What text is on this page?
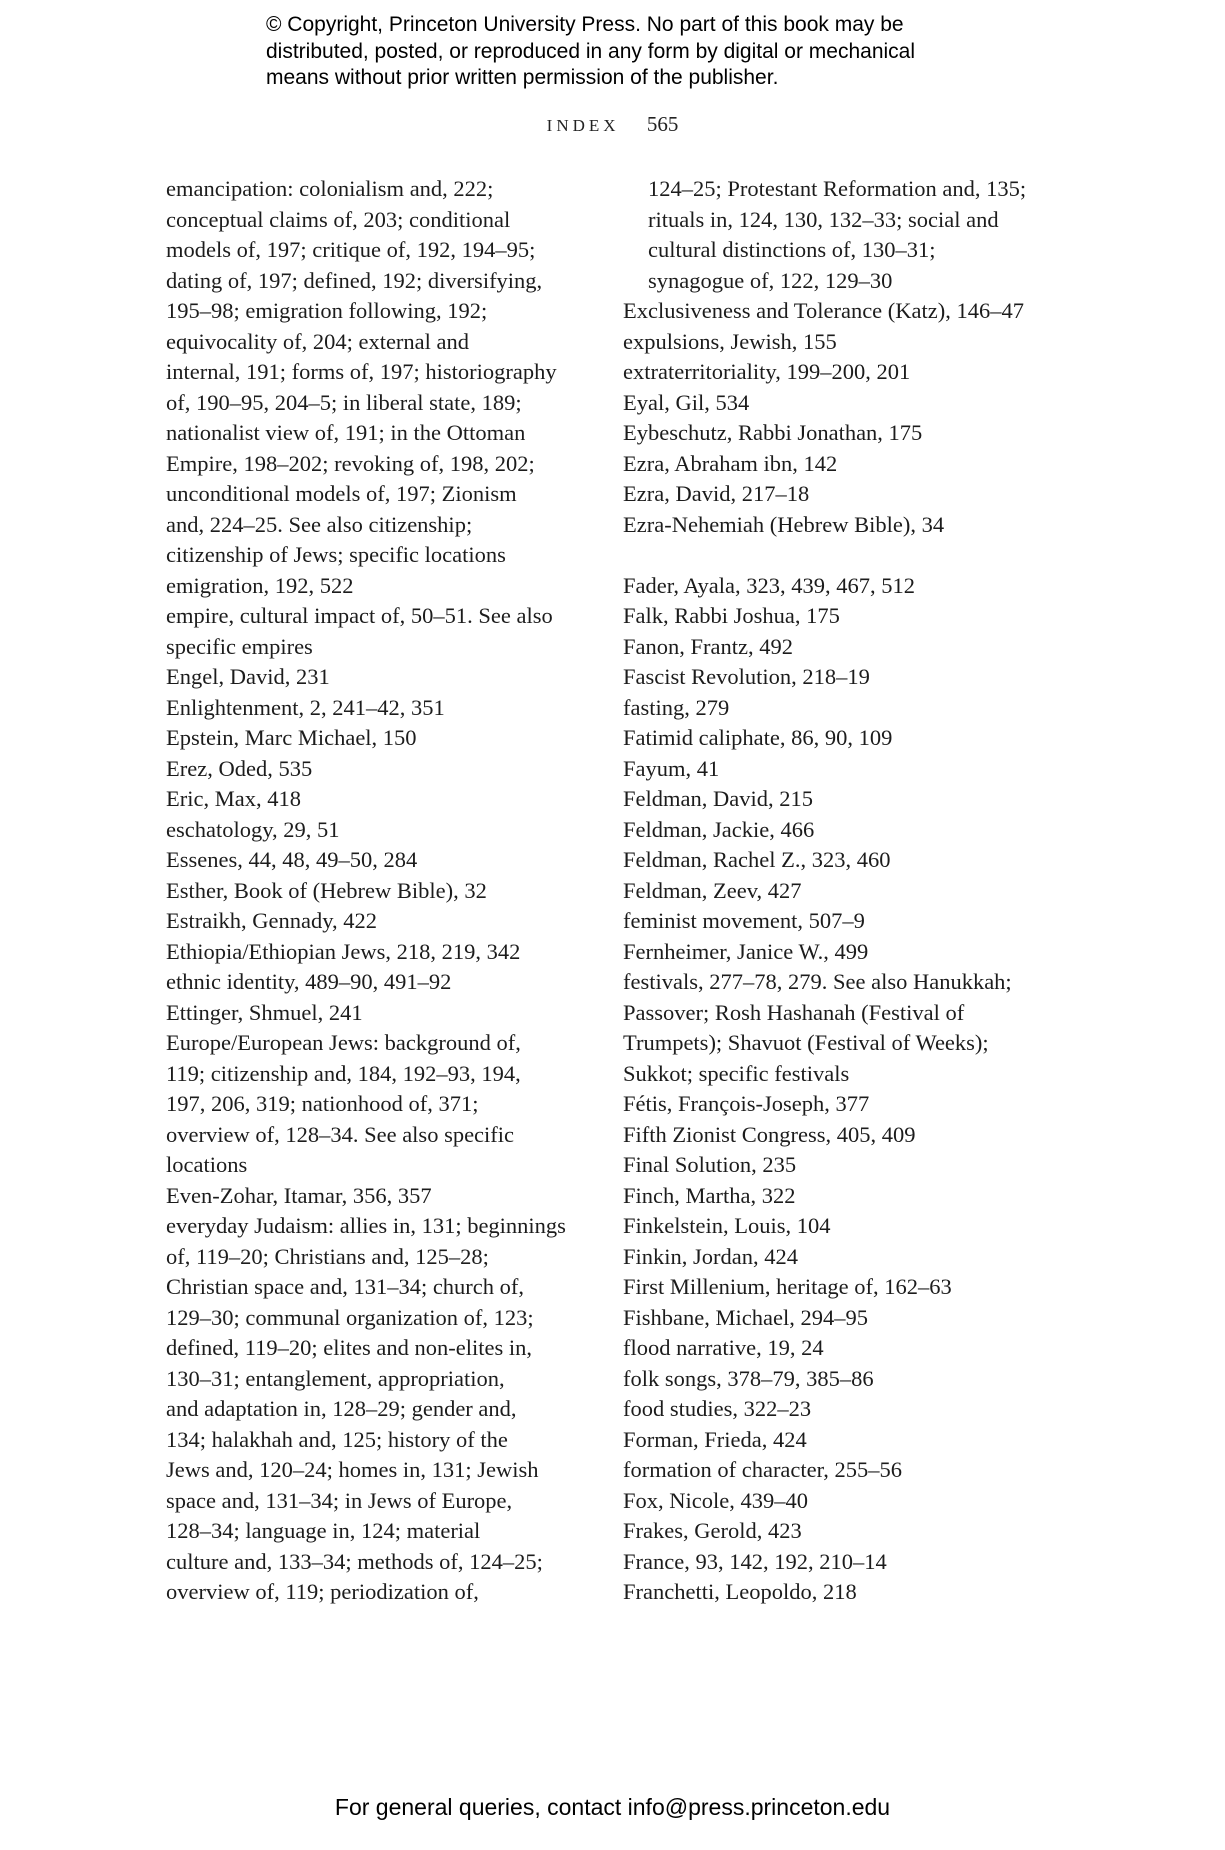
© Copyright, Princeton University Press. No part of this book may be
distributed, posted, or reproduced in any form by digital or mechanical
means without prior written permission of the publisher.
INDEX 565
emancipation: colonialism and, 222;
conceptual claims of, 203; conditional
models of, 197; critique of, 192, 194–95;
dating of, 197; defined, 192; diversifying,
195–98; emigration following, 192;
equivocality of, 204; external and
internal, 191; forms of, 197; historiography
of, 190–95, 204–5; in liberal state, 189;
nationalist view of, 191; in the Ottoman
Empire, 198–202; revoking of, 198, 202;
unconditional models of, 197; Zionism
and, 224–25. See also citizenship;
citizenship of Jews; specific locations
emigration, 192, 522
empire, cultural impact of, 50–51. See also
specific empires
Engel, David, 231
Enlightenment, 2, 241–42, 351
Epstein, Marc Michael, 150
Erez, Oded, 535
Eric, Max, 418
eschatology, 29, 51
Essenes, 44, 48, 49–50, 284
Esther, Book of (Hebrew Bible), 32
Estraikh, Gennady, 422
Ethiopia/Ethiopian Jews, 218, 219, 342
ethnic identity, 489–90, 491–92
Ettinger, Shmuel, 241
Europe/European Jews: background of,
119; citizenship and, 184, 192–93, 194,
197, 206, 319; nationhood of, 371;
overview of, 128–34. See also specific
locations
Even-Zohar, Itamar, 356, 357
everyday Judaism: allies in, 131; beginnings
of, 119–20; Christians and, 125–28;
Christian space and, 131–34; church of,
129–30; communal organization of, 123;
defined, 119–20; elites and non-elites in,
130–31; entanglement, appropriation,
and adaptation in, 128–29; gender and,
134; halakhah and, 125; history of the
Jews and, 120–24; homes in, 131; Jewish
space and, 131–34; in Jews of Europe,
128–34; language in, 124; material
culture and, 133–34; methods of, 124–25;
overview of, 119; periodization of,
124–25; Protestant Reformation and, 135;
rituals in, 124, 130, 132–33; social and
cultural distinctions of, 130–31;
synagogue of, 122, 129–30
Exclusiveness and Tolerance (Katz), 146–47
expulsions, Jewish, 155
extraterritoriality, 199–200, 201
Eyal, Gil, 534
Eybeschutz, Rabbi Jonathan, 175
Ezra, Abraham ibn, 142
Ezra, David, 217–18
Ezra-Nehemiah (Hebrew Bible), 34
Fader, Ayala, 323, 439, 467, 512
Falk, Rabbi Joshua, 175
Fanon, Frantz, 492
Fascist Revolution, 218–19
fasting, 279
Fatimid caliphate, 86, 90, 109
Fayum, 41
Feldman, David, 215
Feldman, Jackie, 466
Feldman, Rachel Z., 323, 460
Feldman, Zeev, 427
feminist movement, 507–9
Fernheimer, Janice W., 499
festivals, 277–78, 279. See also Hanukkah;
Passover; Rosh Hashanah (Festival of
Trumpets); Shavuot (Festival of Weeks);
Sukkot; specific festivals
Fétis, François-Joseph, 377
Fifth Zionist Congress, 405, 409
Final Solution, 235
Finch, Martha, 322
Finkelstein, Louis, 104
Finkin, Jordan, 424
First Millenium, heritage of, 162–63
Fishbane, Michael, 294–95
flood narrative, 19, 24
folk songs, 378–79, 385–86
food studies, 322–23
Forman, Frieda, 424
formation of character, 255–56
Fox, Nicole, 439–40
Frakes, Gerold, 423
France, 93, 142, 192, 210–14
Franchetti, Leopoldo, 218
For general queries, contact info@press.princeton.edu
